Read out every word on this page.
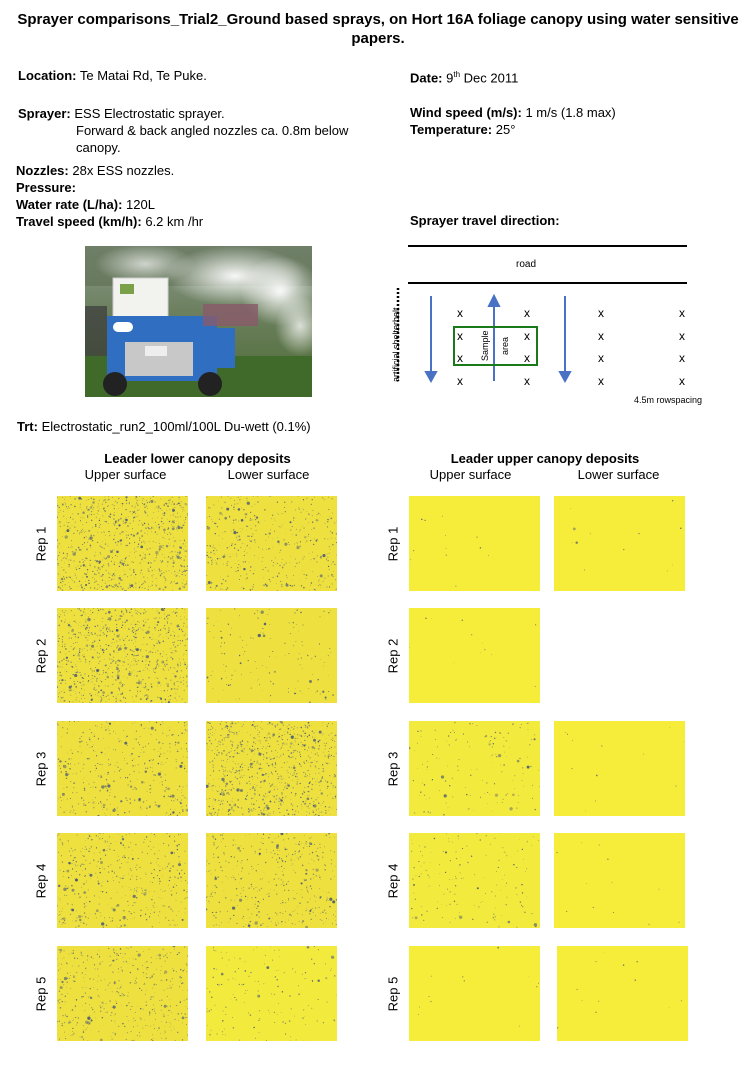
Sprayer comparisons_Trial2_Ground based sprays, on Hort 16A foliage canopy using water sensitive papers.
Location: Te Matai Rd, Te Puke.
Sprayer: ESS Electrostatic sprayer.
Forward & back angled nozzles ca. 0.8m below
canopy.
Nozzles: 28x ESS nozzles.
Pressure:
Water rate (L/ha): 120L
Travel speed (km/h): 6.2 km /hr
Date: 9th Dec 2011
Wind speed (m/s): 1 m/s (1.8 max)
Temperature: 25°
Sprayer travel direction:
road
artificial shelterbelt	Sample area
x	x	x	x
x	x	x	x
x	x	x	x
x	x	x	x
4.5m rowspacing
Trt: Electrostatic_run2_100ml/100L Du-wett (0.1%)
Leader lower canopy deposits
Upper surface	Lower surface
Leader upper canopy deposits
Upper surface	Lower surface
Rep 1
Rep 2
Rep 3
Rep 4
Rep 5
Rep 1
Rep 2
Rep 3
Rep 4
Rep 5
